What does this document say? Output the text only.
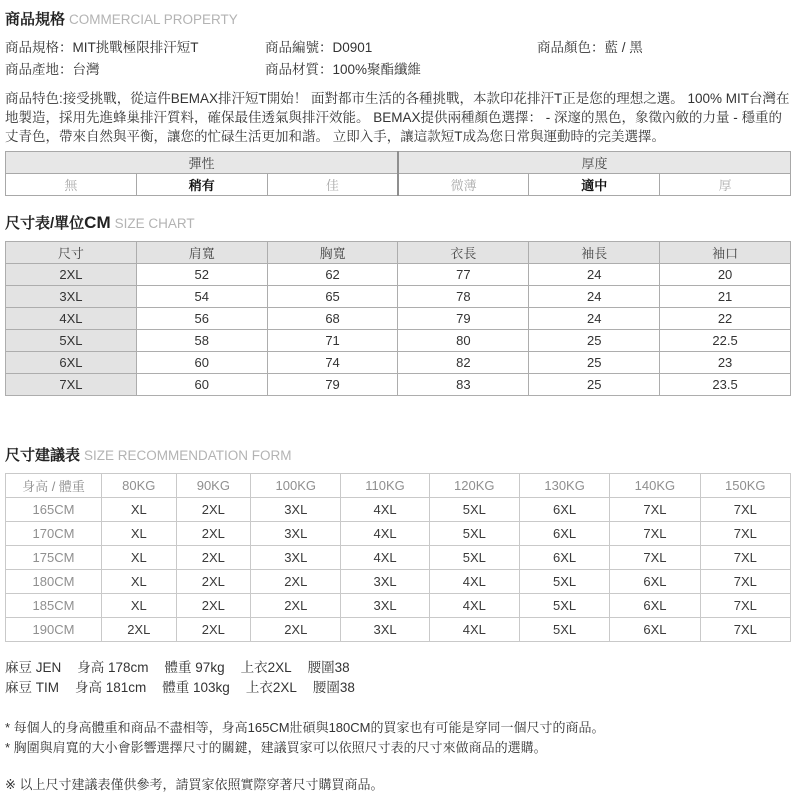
商品規格 COMMERCIAL PROPERTY
商品規格：MIT挑戰極限排汗短T	商品編號：D0901	商品顏色：藍 / 黑
商品產地：台灣	商品材質：100%聚酯纖維

商品特色:接受挑戰，從這件BEMAX排汗短T開始！ 面對都市生活的各種挑戰，本款印花排汗T正是您的理想之選。 100% MIT台灣在地製造，採用先進蜂巢排汗質料，確保最佳透氣與排汗效能。 BEMAX提供兩種顏色選擇： - 深邃的黑色，象徵內斂的力量 - 穩重的丈青色，帶來自然與平衡，讓您的忙碌生活更加和諧。 立即入手，讓這款短T成為您日常與運動時的完美選擇。

彈性			厚度		
無	稍有	佳	微薄	適中	厚
尺寸表/單位CM SIZE CHART
尺寸	肩寬	胸寬	衣長	袖長	袖口
2XL	52	62	77	24	20
3XL	54	65	78	24	21
4XL	56	68	79	24	22
5XL	58	71	80	25	22.5
6XL	60	74	82	25	23
7XL	60	79	83	25	23.5
尺寸建議表 SIZE RECOMMENDATION FORM
身高 / 體重	80KG	90KG	100KG	110KG	120KG	130KG	140KG	150KG
165CM	XL	2XL	3XL	4XL	5XL	6XL	7XL	7XL
170CM	XL	2XL	3XL	4XL	5XL	6XL	7XL	7XL
175CM	XL	2XL	3XL	4XL	5XL	6XL	7XL	7XL
180CM	XL	2XL	2XL	3XL	4XL	5XL	6XL	7XL
185CM	XL	2XL	2XL	3XL	4XL	5XL	6XL	7XL
190CM	2XL	2XL	2XL	3XL	4XL	5XL	6XL	7XL
麻豆 JEN 身高 178cm 體重 97kg 上衣2XL 腰圍38
麻豆 TIM 身高 181cm 體重 103kg 上衣2XL 腰圍38

* 每個人的身高體重和商品不盡相等，身高165CM壯碩與180CM的買家也有可能是穿同一個尺寸的商品。

* 胸圍與肩寬的大小會影響選擇尺寸的關鍵，建議買家可以依照尺寸表的尺寸來做商品的選購。

※ 以上尺寸建議表僅供參考，請買家依照實際穿著尺寸購買商品。
